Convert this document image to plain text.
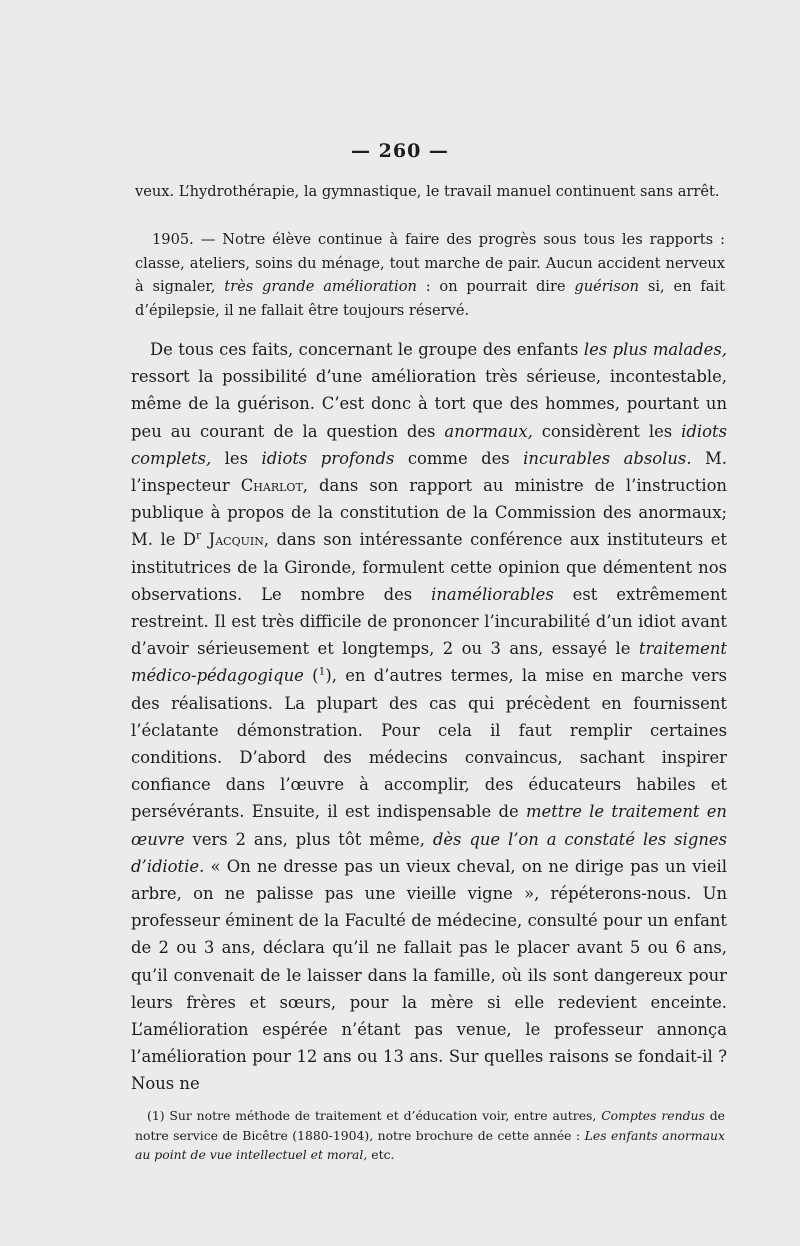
— 260 —

veux. L’hydrothérapie, la gymnastique, le travail manuel continuent sans arrêt.

1905. — Notre élève continue à faire des progrès sous tous les rapports : classe, ateliers, soins du ménage, tout marche de pair. Aucun accident nerveux à signaler, très grande amélioration : on pourrait dire guérison si, en fait d’épilepsie, il ne fallait être toujours réservé.

De tous ces faits, concernant le groupe des enfants les plus malades, ressort la possibilité d’une amélioration très sérieuse, incontestable, même de la guérison. C’est donc à tort que des hommes, pourtant un peu au courant de la question des anormaux, considèrent les idiots complets, les idiots profonds comme des incurables absolus. M. l’inspecteur Charlot, dans son rapport au ministre de l’instruction publique à propos de la constitution de la Commission des anormaux; M. le $D^r$ Jacquin, dans son intéressante conférence aux instituteurs et institutrices de la Gironde, formulent cette opinion que démentent nos observations. Le nombre des inaméliorables est extrêmement restreint. Il est très difficile de prononcer l’incurabilité d’un idiot avant d’avoir sérieusement et longtemps, 2 ou 3 ans, essayé le traitement médico-pédagogique ($^1$), en d’autres termes, la mise en marche vers des réalisations. La plupart des cas qui précèdent en fournissent l’éclatante démonstration. Pour cela il faut remplir certaines conditions. D’abord des médecins convaincus, sachant inspirer confiance dans l’œuvre à accomplir, des éducateurs habiles et persévérants. Ensuite, il est indispensable de mettre le traitement en œuvre vers 2 ans, plus tôt même, dès que l’on a constaté les signes d’idiotie. « On ne dresse pas un vieux cheval, on ne dirige pas un vieil arbre, on ne palisse pas une vieille vigne », répéterons-nous. Un professeur éminent de la Faculté de médecine, consulté pour un enfant de 2 ou 3 ans, déclara qu’il ne fallait pas le placer avant 5 ou 6 ans, qu’il convenait de le laisser dans la famille, où ils sont dangereux pour leurs frères et sœurs, pour la mère si elle redevient enceinte. L’amélioration espérée n’étant pas venue, le professeur annonça l’amélioration pour 12 ans ou 13 ans. Sur quelles raisons se fondait-il ? Nous ne

(1) Sur notre méthode de traitement et d’éducation voir, entre autres, Comptes rendus de notre service de Bicêtre (1880-1904), notre brochure de cette année : Les enfants anormaux au point de vue intellectuel et moral, etc.
